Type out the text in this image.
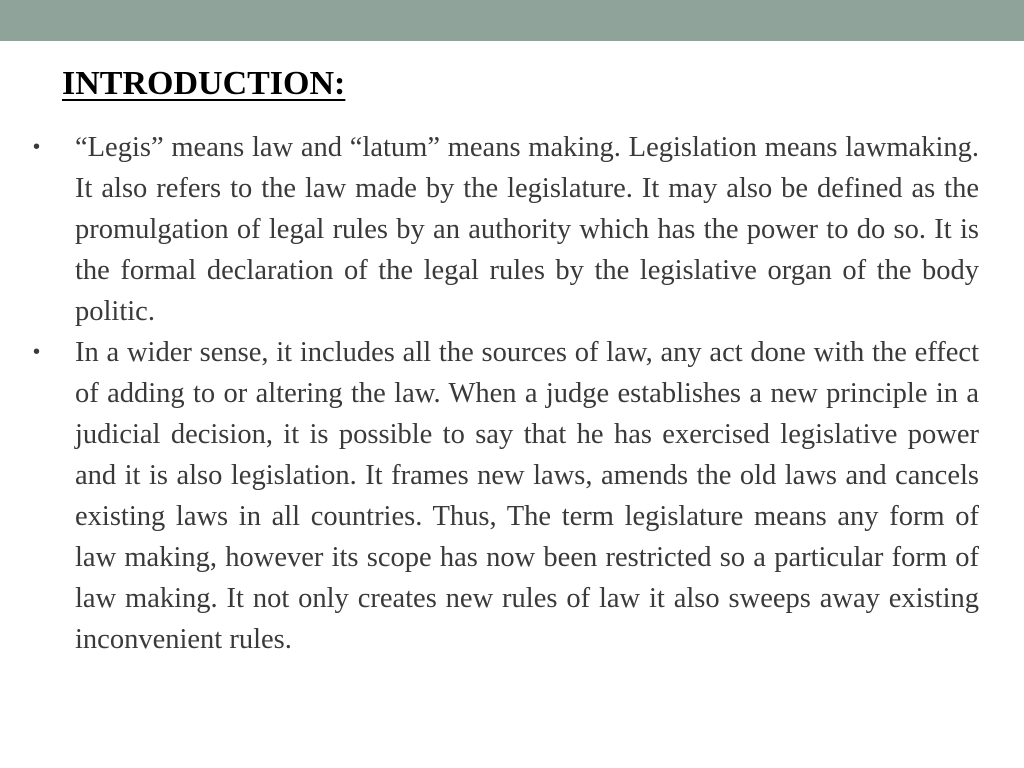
INTRODUCTION:
• “Legis” means law and “latum” means making. Legislation means lawmaking. It also refers to the law made by the legislature. It may also be defined as the promulgation of legal rules by an authority which has the power to do so. It is the formal declaration of the legal rules by the legislative organ of the body politic.
• In a wider sense, it includes all the sources of law, any act done with the effect of adding to or altering the law. When a judge establishes a new principle in a judicial decision, it is possible to say that he has exercised legislative power and it is also legislation. It frames new laws, amends the old laws and cancels existing laws in all countries. Thus, The term legislature means any form of law making, however its scope has now been restricted so a particular form of law making. It not only creates new rules of law it also sweeps away existing inconvenient rules.
